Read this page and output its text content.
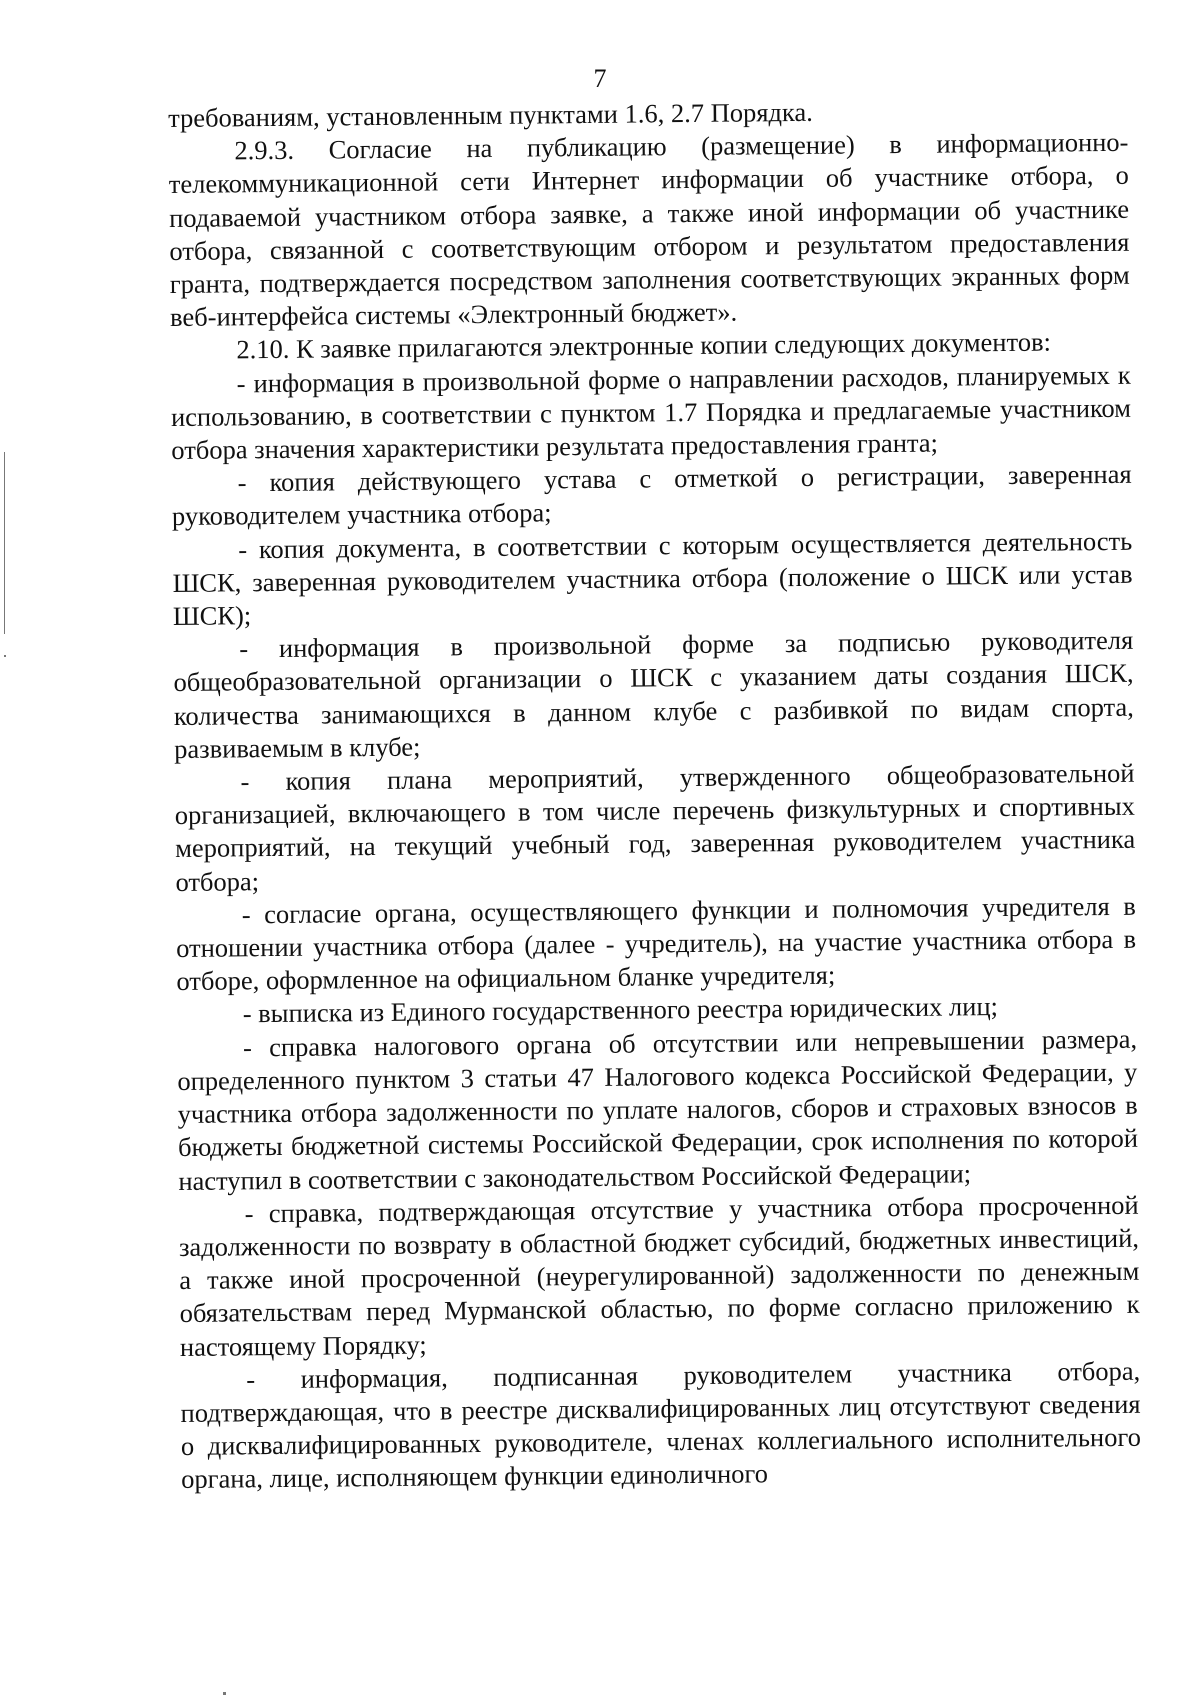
7

требованиям, установленным пунктами 1.6, 2.7 Порядка.

2.9.3. Согласие на публикацию (размещение) в информационно-телекоммуникационной сети Интернет информации об участнике отбора, о подаваемой участником отбора заявке, а также иной информации об участнике отбора, связанной с соответствующим отбором и результатом предоставления гранта, подтверждается посредством заполнения соответствующих экранных форм веб-интерфейса системы «Электронный бюджет».

2.10. К заявке прилагаются электронные копии следующих документов:

- информация в произвольной форме о направлении расходов, планируемых к использованию, в соответствии с пунктом 1.7 Порядка и предлагаемые участником отбора значения характеристики результата предоставления гранта;

- копия действующего устава с отметкой о регистрации, заверенная руководителем участника отбора;

- копия документа, в соответствии с которым осуществляется деятельность ШСК, заверенная руководителем участника отбора (положение о ШСК или устав ШСК);

- информация в произвольной форме за подписью руководителя общеобразовательной организации о ШСК с указанием даты создания ШСК, количества занимающихся в данном клубе с разбивкой по видам спорта, развиваемым в клубе;

- копия плана мероприятий, утвержденного общеобразовательной организацией, включающего в том числе перечень физкультурных и спортивных мероприятий, на текущий учебный год, заверенная руководителем участника отбора;

- согласие органа, осуществляющего функции и полномочия учредителя в отношении участника отбора (далее - учредитель), на участие участника отбора в отборе, оформленное на официальном бланке учредителя;

- выписка из Единого государственного реестра юридических лиц;

- справка налогового органа об отсутствии или непревышении размера, определенного пунктом 3 статьи 47 Налогового кодекса Российской Федерации, у участника отбора задолженности по уплате налогов, сборов и страховых взносов в бюджеты бюджетной системы Российской Федерации, срок исполнения по которой наступил в соответствии с законодательством Российской Федерации;

- справка, подтверждающая отсутствие у участника отбора просроченной задолженности по возврату в областной бюджет субсидий, бюджетных инвестиций, а также иной просроченной (неурегулированной) задолженности по денежным обязательствам перед Мурманской областью, по форме согласно приложению к настоящему Порядку;

- информация, подписанная руководителем участника отбора, подтверждающая, что в реестре дисквалифицированных лиц отсутствуют сведения о дисквалифицированных руководителе, членах коллегиального исполнительного органа, лице, исполняющем функции единоличного
